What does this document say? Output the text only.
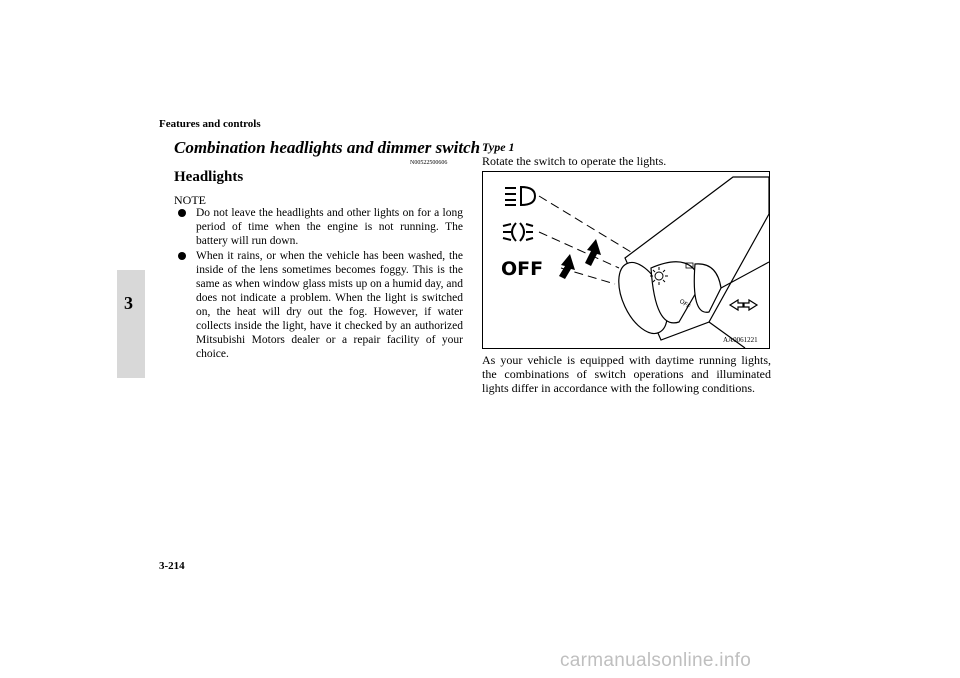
Features and controls
3
Combination headlights and dimmer switch
N00522500606
Headlights
NOTE
Do not leave the headlights and other lights on for a long period of time when the engine is not running. The battery will run down.
When it rains, or when the vehicle has been washed, the inside of the lens sometimes becomes foggy. This is the same as when window glass mists up on a humid day, and does not indicate a problem. When the light is switched on, the heat will dry out the fog. However, if water collects inside the light, have it checked by an authorized Mitsubishi Motors dealer or a repair facility of your choice.
Type 1
Rotate the switch to operate the lights.
OFF
OFF
AA0061221
As your vehicle is equipped with daytime running lights, the combinations of switch operations and illuminated lights differ in accordance with the following conditions.
3-214
carmanualsonline.info
